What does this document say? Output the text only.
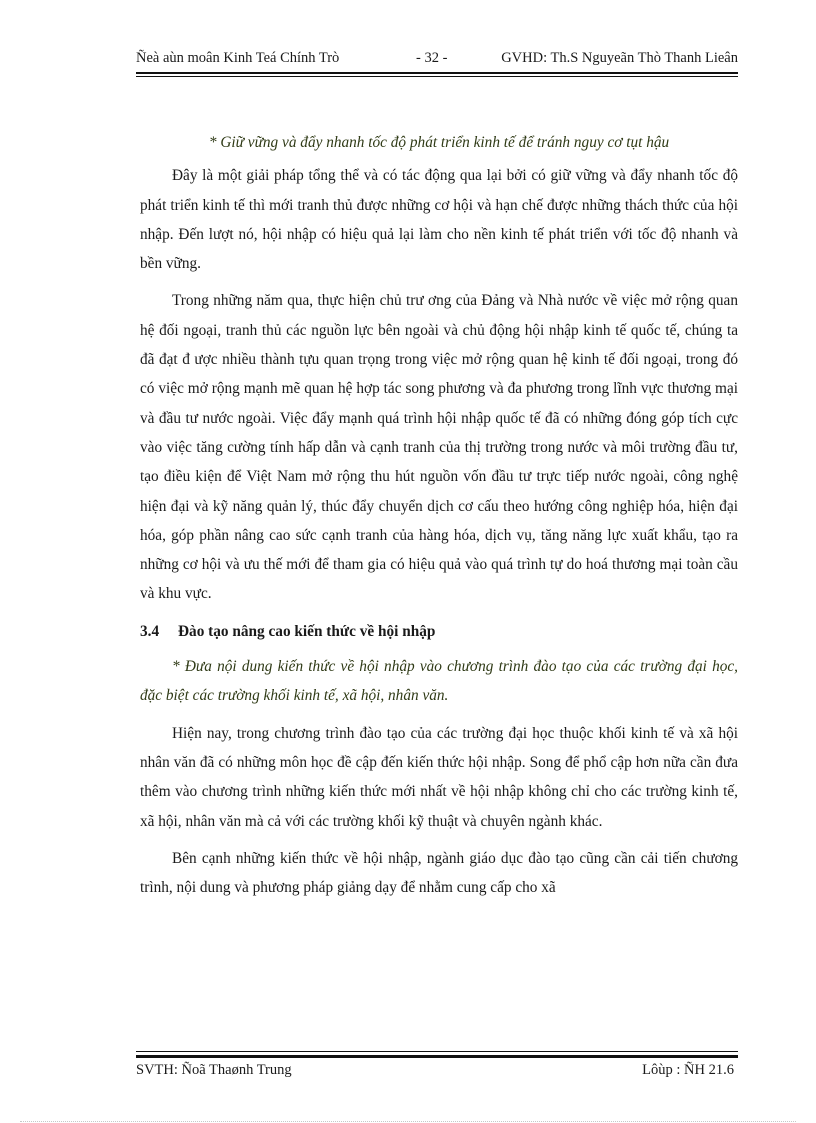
Ñeà aùn moân Kinh Teá Chính Trò	- 32 -	GVHD: Th.S Nguyeãn Thò Thanh Lieân

* Giữ vững và đẩy nhanh tốc độ phát triển kinh tế để tránh nguy cơ tụt hậu

Đây là một giải pháp tổng thể và có tác động qua lại bởi có giữ vững và đẩy nhanh tốc độ phát triển kinh tế thì mới tranh thủ được những cơ hội và hạn chế được những thách thức của hội nhập. Đến lượt nó, hội nhập có hiệu quả lại làm cho nền kinh tế phát triển với tốc độ nhanh và bền vững.

Trong những năm qua, thực hiện chủ trư ơng của Đảng và Nhà nước về việc mở rộng quan hệ đối ngoại, tranh thủ các nguồn lực bên ngoài và chủ động hội nhập kinh tế quốc tế, chúng ta đã đạt đ ược nhiều thành tựu quan trọng trong việc mở rộng quan hệ kinh tế đối ngoại, trong đó có việc mở rộng mạnh mẽ quan hệ hợp tác song phương và đa phương trong lĩnh vực thương mại và đầu tư nước ngoài. Việc đẩy mạnh quá trình hội nhập quốc tế đã có những đóng góp tích cực vào việc tăng cường tính hấp dẫn và cạnh tranh của thị trường trong nước và môi trường đầu tư, tạo điều kiện để Việt Nam mở rộng thu hút nguồn vốn đầu tư trực tiếp nước ngoài, công nghệ hiện đại và kỹ năng quản lý, thúc đẩy chuyển dịch cơ cấu theo hướng công nghiệp hóa, hiện đại hóa, góp phần nâng cao sức cạnh tranh của hàng hóa, dịch vụ, tăng năng lực xuất khẩu, tạo ra những cơ hội và ưu thế mới để tham gia có hiệu quả vào quá trình tự do hoá thương mại toàn cầu và khu vực.

3.4 Đào tạo nâng cao kiến thức về hội nhập

* Đưa nội dung kiến thức về hội nhập vào chương trình đào tạo của các trường đại học, đặc biệt các trường khối kinh tế, xã hội, nhân văn.

Hiện nay, trong chương trình đào tạo của các trường đại học thuộc khối kinh tế và xã hội nhân văn đã có những môn học đề cập đến kiến thức hội nhập. Song để phổ cập hơn nữa cần đưa thêm vào chương trình những kiến thức mới nhất về hội nhập không chỉ cho các trường kinh tế, xã hội, nhân văn mà cả với các trường khối kỹ thuật và chuyên ngành khác.

Bên cạnh những kiến thức về hội nhập, ngành giáo dục đào tạo cũng cần cải tiến chương trình, nội dung và phương pháp giảng dạy để nhằm cung cấp cho xã

SVTH: Ñoã Thaønh Trung	Lôùp : ÑH 21.6
